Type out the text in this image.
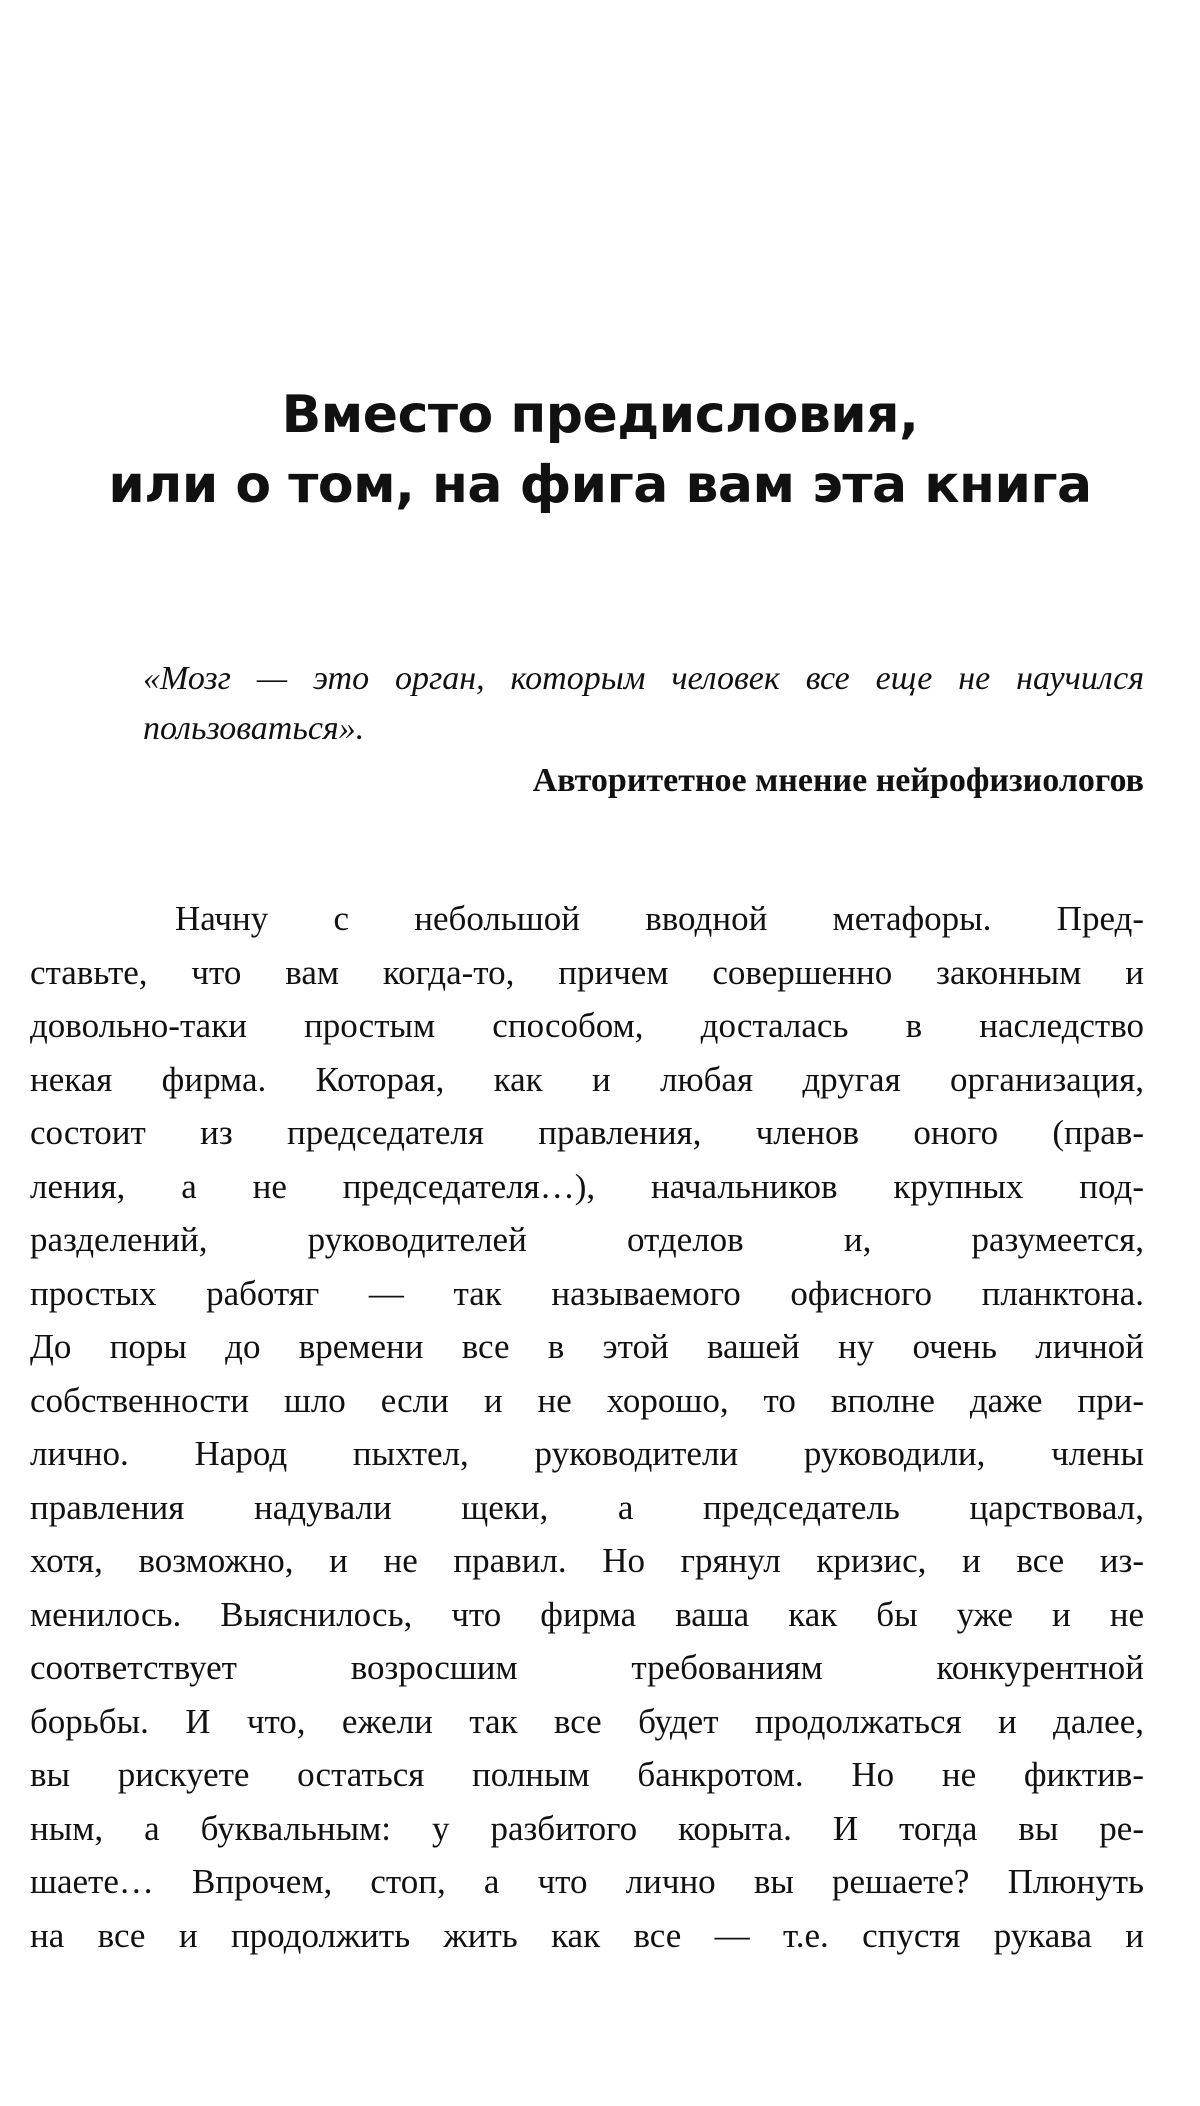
Вместо предисловия,
или о том, на фига вам эта книга

«Мозг — это орган, которым человек все еще не научился пользоваться».

Авторитетное мнение нейрофизиологов

Начну с небольшой вводной метафоры. Пред-
ставьте, что вам когда-то, причем совершенно законным и
довольно-таки простым способом, досталась в наследство
некая фирма. Которая, как и любая другая организация,
состоит из председателя правления, членов оного (прав-
ления, а не председателя…), начальников крупных под-
разделений, руководителей отделов и, разумеется,
простых работяг — так называемого офисного планктона.
До поры до времени все в этой вашей ну очень личной
собственности шло если и не хорошо, то вполне даже при-
лично. Народ пыхтел, руководители руководили, члены
правления надували щеки, а председатель царствовал,
хотя, возможно, и не правил. Но грянул кризис, и все из-
менилось. Выяснилось, что фирма ваша как бы уже и не
соответствует возросшим требованиям конкурентной
борьбы. И что, ежели так все будет продолжаться и далее,
вы рискуете остаться полным банкротом. Но не фиктив-
ным, а буквальным: у разбитого корыта. И тогда вы ре-
шаете… Впрочем, стоп, а что лично вы решаете? Плюнуть
на все и продолжить жить как все — т.е. спустя рукава и
